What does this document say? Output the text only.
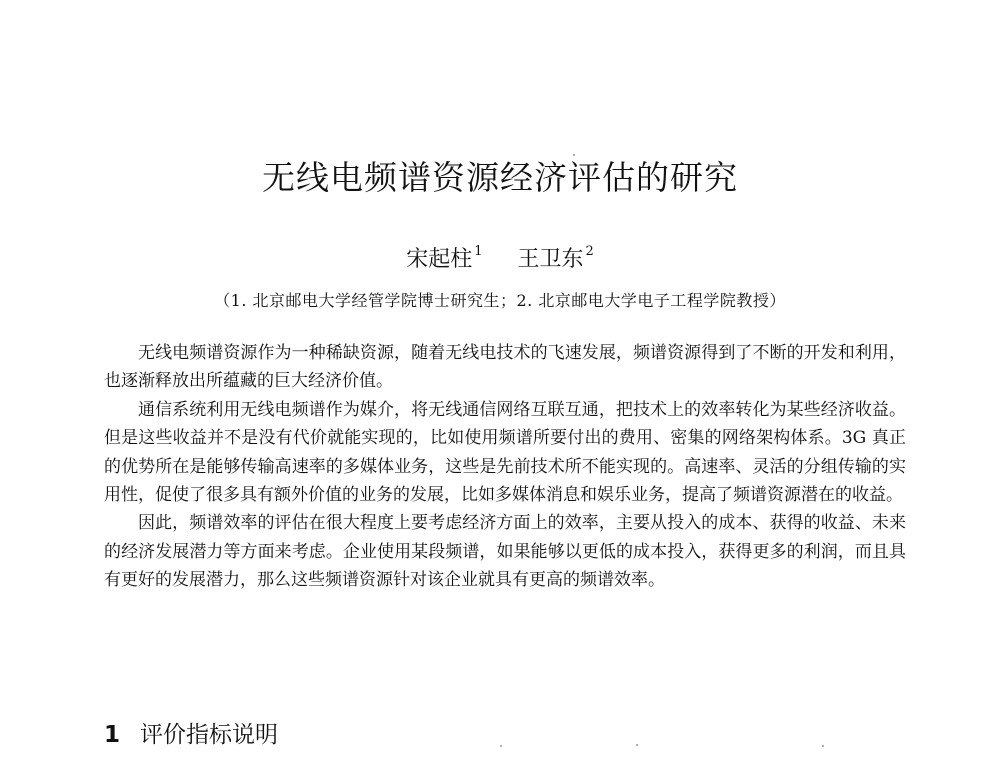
无线电频谱资源经济评估的研究
宋起柱 $^1$ 王卫东 $^2$
（1. 北京邮电大学经管学院博士研究生；2. 北京邮电大学电子工程学院教授）

无线电频谱资源作为一种稀缺资源，随着无线电技术的飞速发展，频谱资源得到了不断的开发和利用，也逐渐释放出所蕴藏的巨大经济价值。

通信系统利用无线电频谱作为媒介，将无线通信网络互联互通，把技术上的效率转化为某些经济收益。但是这些收益并不是没有代价就能实现的，比如使用频谱所要付出的费用、密集的网络架构体系。3G 真正的优势所在是能够传输高速率的多媒体业务，这些是先前技术所不能实现的。高速率、灵活的分组传输的实用性，促使了很多具有额外价值的业务的发展，比如多媒体消息和娱乐业务，提高了频谱资源潜在的收益。

因此，频谱效率的评估在很大程度上要考虑经济方面上的效率，主要从投入的成本、获得的收益、未来的经济发展潜力等方面来考虑。企业使用某段频谱，如果能够以更低的成本投入，获得更多的利润，而且具有更好的发展潜力，那么这些频谱资源针对该企业就具有更高的频谱效率。

1 评价指标说明
